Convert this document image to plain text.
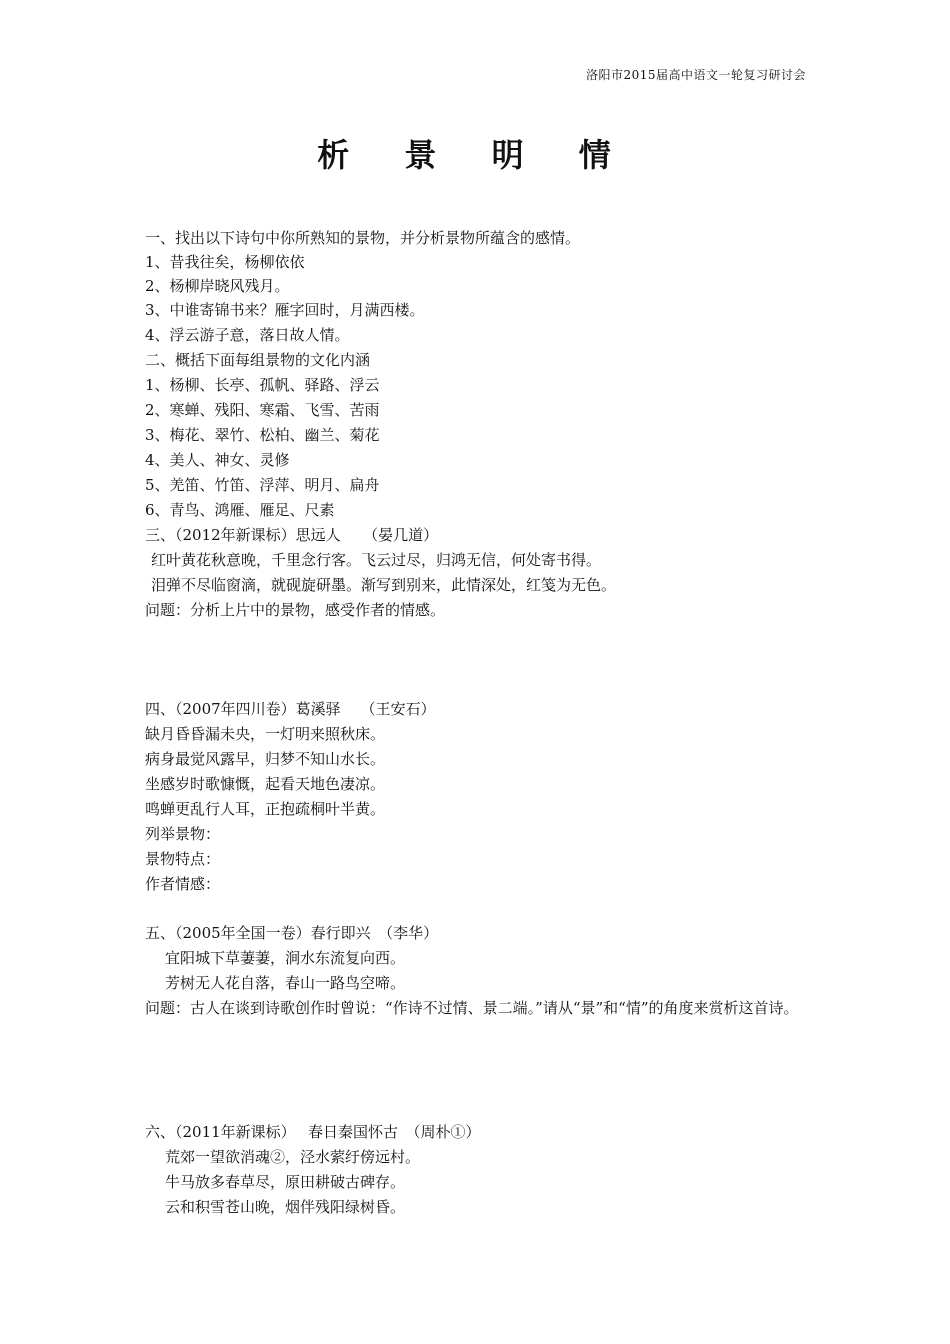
洛阳市2015届高中语文一轮复习研讨会
析 景 明 情
一、找出以下诗句中你所熟知的景物，并分析景物所蕴含的感情。
1、昔我往矣，杨柳依依
2、杨柳岸晓风残月。
3、中谁寄锦书来？雁字回时，月满西楼。
4、浮云游子意，落日故人情。
二、概括下面每组景物的文化内涵
1、杨柳、长亭、孤帆、驿路、浮云
2、寒蝉、残阳、寒霜、飞雪、苦雨
3、梅花、翠竹、松柏、幽兰、菊花
4、美人、神女、灵修
5、羌笛、竹笛、浮萍、明月、扁舟
6、青鸟、鸿雁、雁足、尺素
三、（2012年新课标）思远人　　（晏几道）
红叶黄花秋意晚，千里念行客。飞云过尽，归鸿无信，何处寄书得。
泪弹不尽临窗滴，就砚旋研墨。渐写到别来，此情深处，红笺为无色。
问题：分析上片中的景物，感受作者的情感。
四、（2007年四川卷）葛溪驿　 （王安石）
缺月昏昏漏未央，一灯明来照秋床。
病身最觉风露早，归梦不知山水长。
坐感岁时歌慷慨，起看天地色凄凉。
鸣蝉更乱行人耳，正抱疏桐叶半黄。
列举景物：
景物特点：
作者情感：
五、（2005年全国一卷）春行即兴　（李华）
宜阳城下草萋萋，涧水东流复向西。
芳树无人花自落，春山一路鸟空啼。
问题：古人在谈到诗歌创作时曾说：“作诗不过情、景二端。”请从“景”和“情”的角度来赏析这首诗。
六、（2011年新课标）　 春日秦国怀古　（周朴①）
荒郊一望欲消魂②，泾水萦纡傍远村。
牛马放多春草尽，原田耕破古碑存。
云和积雪苍山晚，烟伴残阳绿树昏。
